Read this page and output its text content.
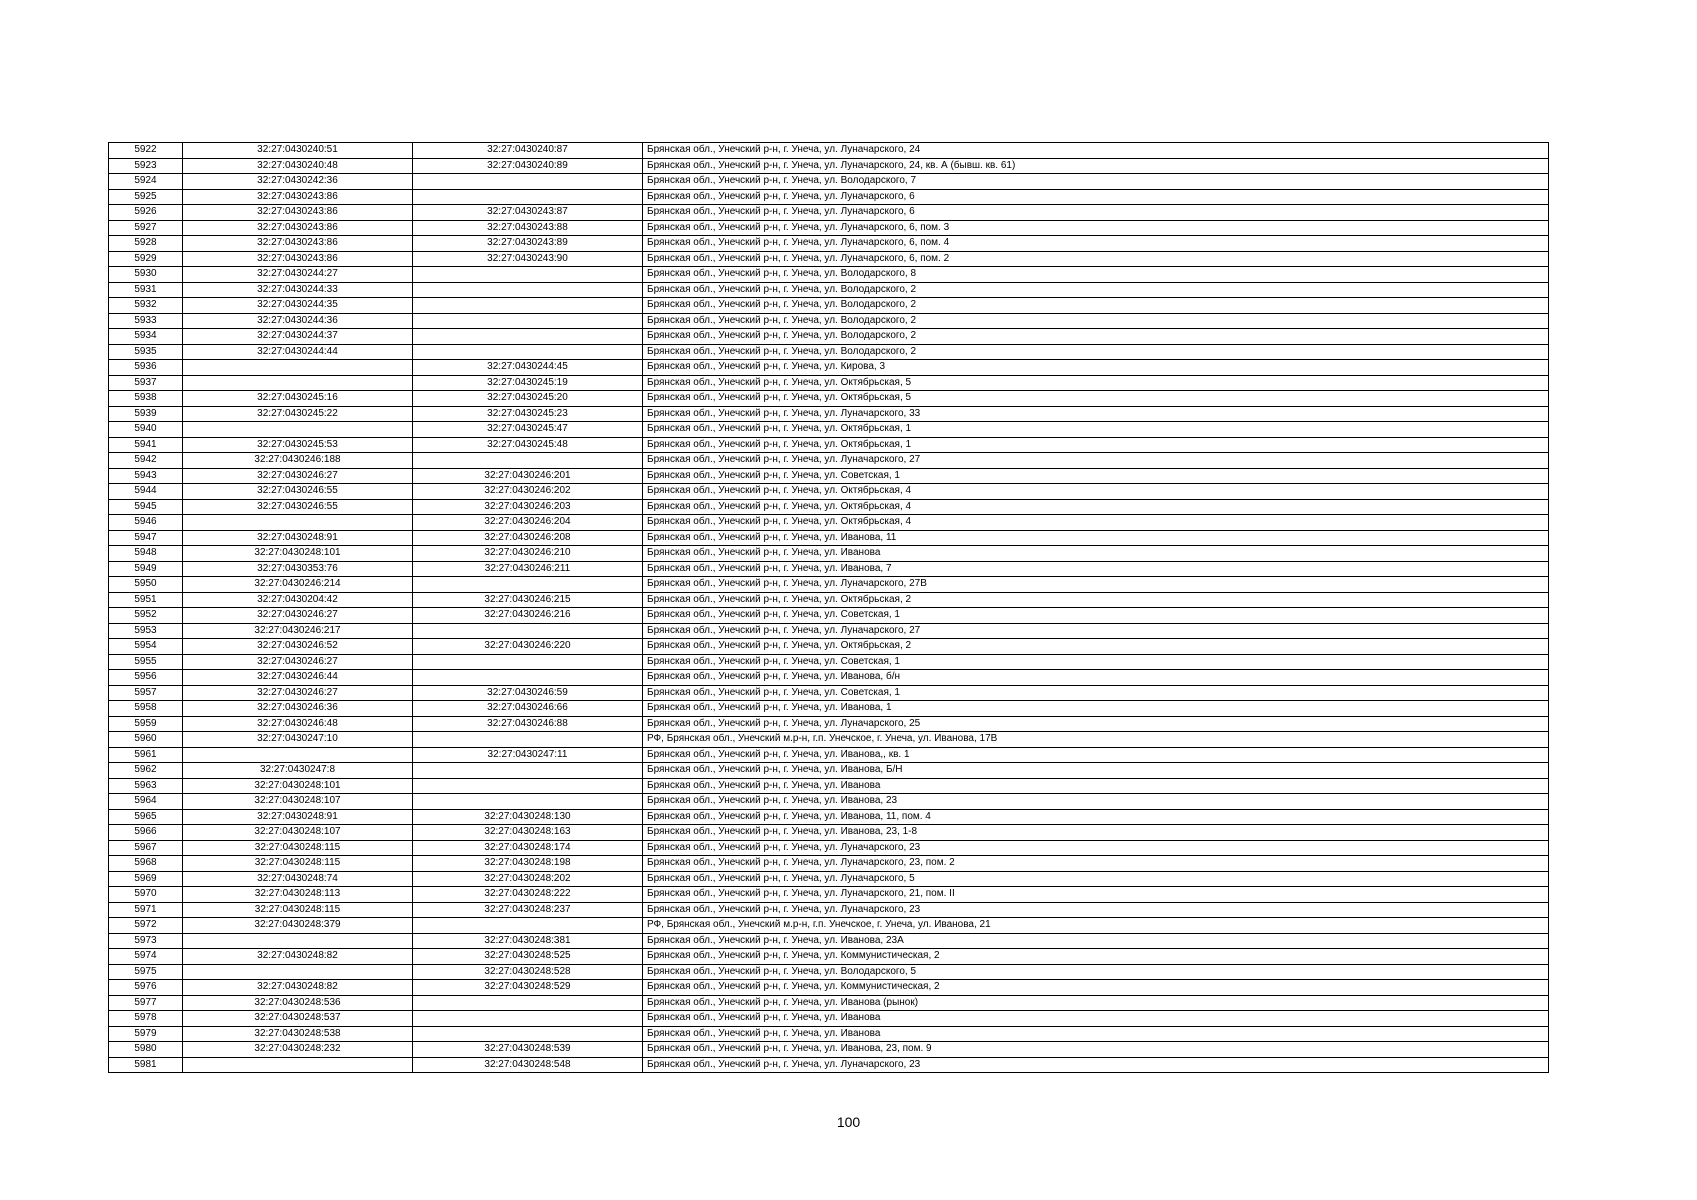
5922	32:27:0430240:51	32:27:0430240:87	Брянская обл., Унечский р-н, г. Унеча, ул. Луначарского, 24
5923	32:27:0430240:48	32:27:0430240:89	Брянская обл., Унечский р-н, г. Унеча, ул. Луначарского, 24, кв. А (бывш. кв. 61)
5924	32:27:0430242:36		Брянская обл., Унечский р-н, г. Унеча, ул. Володарского, 7
5925	32:27:0430243:86		Брянская обл., Унечский р-н, г. Унеча, ул. Луначарского, 6
5926	32:27:0430243:86	32:27:0430243:87	Брянская обл., Унечский р-н, г. Унеча, ул. Луначарского, 6
5927	32:27:0430243:86	32:27:0430243:88	Брянская обл., Унечский р-н, г. Унеча, ул. Луначарского, 6, пом. 3
5928	32:27:0430243:86	32:27:0430243:89	Брянская обл., Унечский р-н, г. Унеча, ул. Луначарского, 6, пом. 4
5929	32:27:0430243:86	32:27:0430243:90	Брянская обл., Унечский р-н, г. Унеча, ул. Луначарского, 6, пом. 2
5930	32:27:0430244:27		Брянская обл., Унечский р-н, г. Унеча, ул. Володарского, 8
5931	32:27:0430244:33		Брянская обл., Унечский р-н, г. Унеча, ул. Володарского, 2
5932	32:27:0430244:35		Брянская обл., Унечский р-н, г. Унеча, ул. Володарского, 2
5933	32:27:0430244:36		Брянская обл., Унечский р-н, г. Унеча, ул. Володарского, 2
5934	32:27:0430244:37		Брянская обл., Унечский р-н, г. Унеча, ул. Володарского, 2
5935	32:27:0430244:44		Брянская обл., Унечский р-н, г. Унеча, ул. Володарского, 2
5936		32:27:0430244:45	Брянская обл., Унечский р-н, г. Унеча, ул. Кирова, 3
5937		32:27:0430245:19	Брянская обл., Унечский р-н, г. Унеча, ул. Октябрьская, 5
5938	32:27:0430245:16	32:27:0430245:20	Брянская обл., Унечский р-н, г. Унеча, ул. Октябрьская, 5
5939	32:27:0430245:22	32:27:0430245:23	Брянская обл., Унечский р-н, г. Унеча, ул. Луначарского, 33
5940		32:27:0430245:47	Брянская обл., Унечский р-н, г. Унеча, ул. Октябрьская, 1
5941	32:27:0430245:53	32:27:0430245:48	Брянская обл., Унечский р-н, г. Унеча, ул. Октябрьская, 1
5942	32:27:0430246:188		Брянская обл., Унечский р-н, г. Унеча, ул. Луначарского, 27
5943	32:27:0430246:27	32:27:0430246:201	Брянская обл., Унечский р-н, г. Унеча, ул. Советская, 1
5944	32:27:0430246:55	32:27:0430246:202	Брянская обл., Унечский р-н, г. Унеча, ул. Октябрьская, 4
5945	32:27:0430246:55	32:27:0430246:203	Брянская обл., Унечский р-н, г. Унеча, ул. Октябрьская, 4
5946		32:27:0430246:204	Брянская обл., Унечский р-н, г. Унеча, ул. Октябрьская, 4
5947	32:27:0430248:91	32:27:0430246:208	Брянская обл., Унечский р-н, г. Унеча, ул. Иванова, 11
5948	32:27:0430248:101	32:27:0430246:210	Брянская обл., Унечский р-н, г. Унеча, ул. Иванова
5949	32:27:0430353:76	32:27:0430246:211	Брянская обл., Унечский р-н, г. Унеча, ул. Иванова, 7
5950	32:27:0430246:214		Брянская обл., Унечский р-н, г. Унеча, ул. Луначарского, 27В
5951	32:27:0430204:42	32:27:0430246:215	Брянская обл., Унечский р-н, г. Унеча, ул. Октябрьская, 2
5952	32:27:0430246:27	32:27:0430246:216	Брянская обл., Унечский р-н, г. Унеча, ул. Советская, 1
5953	32:27:0430246:217		Брянская обл., Унечский р-н, г. Унеча, ул. Луначарского, 27
5954	32:27:0430246:52	32:27:0430246:220	Брянская обл., Унечский р-н, г. Унеча, ул. Октябрьская, 2
5955	32:27:0430246:27		Брянская обл., Унечский р-н, г. Унеча, ул. Советская, 1
5956	32:27:0430246:44		Брянская обл., Унечский р-н, г. Унеча, ул. Иванова, б/н
5957	32:27:0430246:27	32:27:0430246:59	Брянская обл., Унечский р-н, г. Унеча, ул. Советская, 1
5958	32:27:0430246:36	32:27:0430246:66	Брянская обл., Унечский р-н, г. Унеча, ул. Иванова, 1
5959	32:27:0430246:48	32:27:0430246:88	Брянская обл., Унечский р-н, г. Унеча, ул. Луначарского, 25
5960	32:27:0430247:10		РФ, Брянская обл., Унечский м.р-н, г.п. Унечское, г. Унеча, ул. Иванова, 17В
5961		32:27:0430247:11	Брянская обл., Унечский р-н, г. Унеча, ул. Иванова,, кв. 1
5962	32:27:0430247:8		Брянская обл., Унечский р-н, г. Унеча, ул. Иванова, Б/Н
5963	32:27:0430248:101		Брянская обл., Унечский р-н, г. Унеча, ул. Иванова
5964	32:27:0430248:107		Брянская обл., Унечский р-н, г. Унеча, ул. Иванова, 23
5965	32:27:0430248:91	32:27:0430248:130	Брянская обл., Унечский р-н, г. Унеча, ул. Иванова, 11, пом. 4
5966	32:27:0430248:107	32:27:0430248:163	Брянская обл., Унечский р-н, г. Унеча, ул. Иванова, 23, 1-8
5967	32:27:0430248:115	32:27:0430248:174	Брянская обл., Унечский р-н, г. Унеча, ул. Луначарского, 23
5968	32:27:0430248:115	32:27:0430248:198	Брянская обл., Унечский р-н, г. Унеча, ул. Луначарского, 23, пом. 2
5969	32:27:0430248:74	32:27:0430248:202	Брянская обл., Унечский р-н, г. Унеча, ул. Луначарского, 5
5970	32:27:0430248:113	32:27:0430248:222	Брянская обл., Унечский р-н, г. Унеча, ул. Луначарского, 21, пом. II
5971	32:27:0430248:115	32:27:0430248:237	Брянская обл., Унечский р-н, г. Унеча, ул. Луначарского, 23
5972	32:27:0430248:379		РФ, Брянская обл., Унечский м.р-н, г.п. Унечское, г. Унеча, ул. Иванова, 21
5973		32:27:0430248:381	Брянская обл., Унечский р-н, г. Унеча, ул. Иванова, 23А
5974	32:27:0430248:82	32:27:0430248:525	Брянская обл., Унечский р-н, г. Унеча, ул. Коммунистическая, 2
5975		32:27:0430248:528	Брянская обл., Унечский р-н, г. Унеча, ул. Володарского, 5
5976	32:27:0430248:82	32:27:0430248:529	Брянская обл., Унечский р-н, г. Унеча, ул. Коммунистическая, 2
5977	32:27:0430248:536		Брянская обл., Унечский р-н, г. Унеча, ул. Иванова (рынок)
5978	32:27:0430248:537		Брянская обл., Унечский р-н, г. Унеча, ул. Иванова
5979	32:27:0430248:538		Брянская обл., Унечский р-н, г. Унеча, ул. Иванова
5980	32:27:0430248:232	32:27:0430248:539	Брянская обл., Унечский р-н, г. Унеча, ул. Иванова, 23, пом. 9
5981		32:27:0430248:548	Брянская обл., Унечский р-н, г. Унеча, ул. Луначарского, 23
100
